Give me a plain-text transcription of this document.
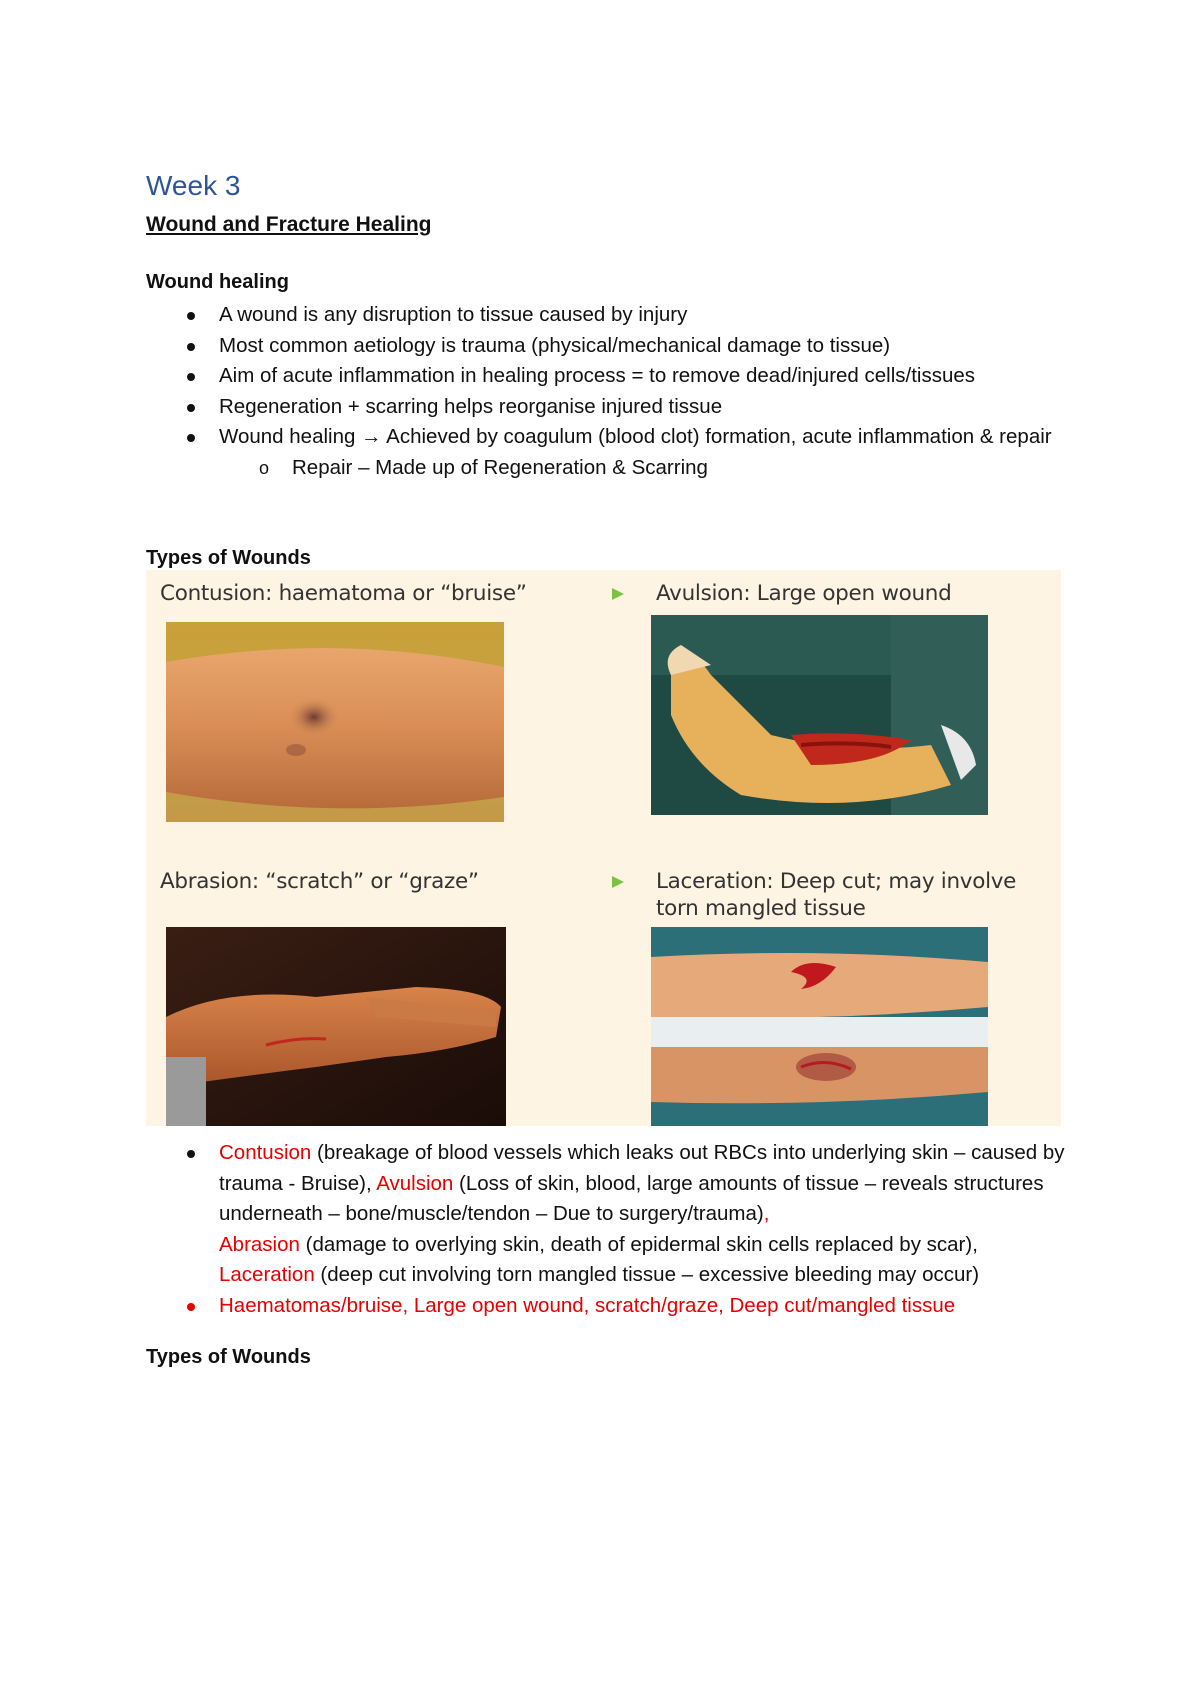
Week 3
Wound and Fracture Healing
Wound healing
A wound is any disruption to tissue caused by injury
Most common aetiology is trauma (physical/mechanical damage to tissue)
Aim of acute inflammation in healing process = to remove dead/injured cells/tissues
Regeneration + scarring helps reorganise injured tissue
Wound healing → Achieved by coagulum (blood clot) formation, acute inflammation & repair
o Repair – Made up of Regeneration & Scarring
Types of Wounds
Contusion: haematoma or “bruise”	Avulsion: Large open wound
Abrasion: “scratch” or “graze”	Laceration: Deep cut; may involve torn mangled tissue
Contusion (breakage of blood vessels which leaks out RBCs into underlying skin – caused by trauma - Bruise), Avulsion (Loss of skin, blood, large amounts of tissue – reveals structures underneath – bone/muscle/tendon – Due to surgery/trauma),
Abrasion (damage to overlying skin, death of epidermal skin cells replaced by scar),
Laceration (deep cut involving torn mangled tissue – excessive bleeding may occur)
Haematomas/bruise, Large open wound, scratch/graze, Deep cut/mangled tissue
Types of Wounds
